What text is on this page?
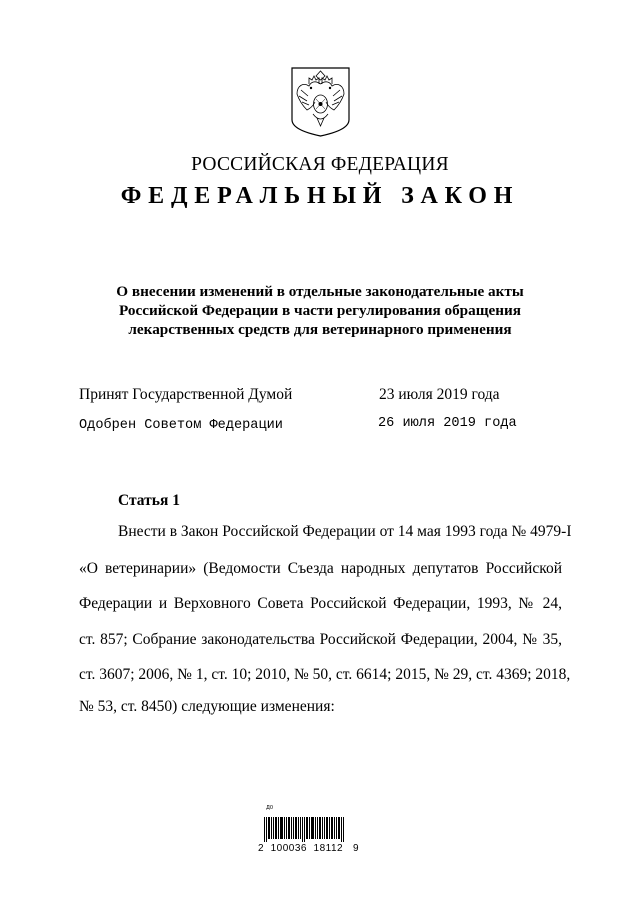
РОССИЙСКАЯ ФЕДЕРАЦИЯ
ФЕДЕРАЛЬНЫЙ ЗАКОН
О внесении изменений в отдельные законодательные акты
Российской Федерации в части регулирования обращения
лекарственных средств для ветеринарного применения
Принят Государственной Думой	23 июля 2019 года
Одобрен Советом Федерации	26 июля 2019 года
Статья 1
Внести в Закон Российской Федерации от 14 мая 1993 года № 4979-I
«О ветеринарии» (Ведомости Съезда народных депутатов Российской
Федерации и Верховного Совета Российской Федерации, 1993, № 24,
ст. 857; Собрание законодательства Российской Федерации, 2004, № 35,
ст. 3607; 2006, № 1, ст. 10; 2010, № 50, ст. 6614; 2015, № 29, ст. 4369; 2018,
№ 53, ст. 8450) следующие изменения:
Д0
2  100036  18112   9
